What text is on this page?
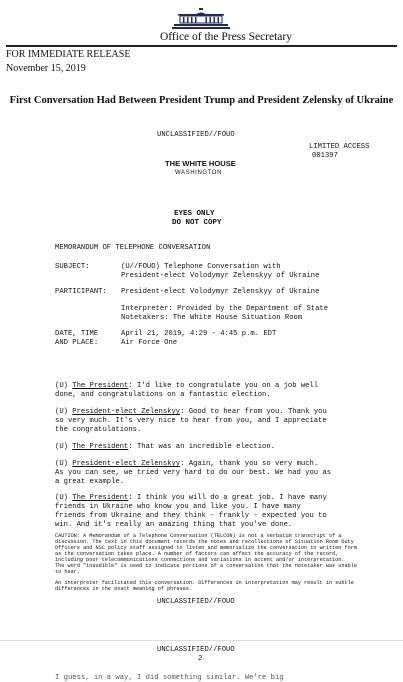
Office of the Press Secretary
FOR IMMEDIATE RELEASE
November 15, 2019
First Conversation Had Between President Trump and President Zelensky of Ukraine
UNCLASSIFIED//FOUO
LIMITED ACCESS
001397
THE WHITE HOUSE
WASHINGTON
EYES ONLY
DO NOT COPY
MEMORANDUM OF TELEPHONE CONVERSATION
SUBJECT:	(U//FOUO) Telephone Conversation with
President-elect Volodymyr Zelenskyy of Ukraine
PARTICIPANT: President-elect Volodymyr Zelenskyy of Ukraine
Interpreter: Provided by the Department of State
Notetakers: The White House Situation Room
DATE, TIME
AND PLACE:
April 21, 2019, 4:29 - 4:45 p.m. EDT
Air Force One
(U) The President: I'd like to congratulate you on a job well
done, and congratulations on a fantastic election.
(U) President-elect Zelenskyy: Good to hear from you. Thank you
so very much. It's very nice to hear from you, and I appreciate
the congratulations.
(U) The President: That was an incredible election.
(U) President-elect Zelenskyy: Again, thank you so very much.
As you can see, we tried very hard to do our best. We had you as
a great example.
(U) The President: I think you will do a great job. I have many
friends in Ukraine who know you and like you. I have many
friends from Ukraine and they think - frankly - expected you to
win. And it's really an amazing thing that you've done.
CAUTION: A Memorandum of a Telephone Conversation (TELCON) is not a verbatim transcript of a
discussion. The text in this document records the notes and recollections of Situation Room Duty
Officers and NSC policy staff assigned to listen and memorialize the conversation in written form
as the conversation takes place. A number of factors can affect the accuracy of the record,
including poor telecommunications connections and variations in accent and/or interpretation.
The word "inaudible" is used to indicate portions of a conversation that the notetaker was unable
to hear.
An interpreter facilitated this conversation. Differences in interpretation may result in subtle
differences in the exact meaning of phrases.
UNCLASSIFIED//FOUO
UNCLASSIFIED//FOUO
2
I guess, in a way, I did something similar. We're big
